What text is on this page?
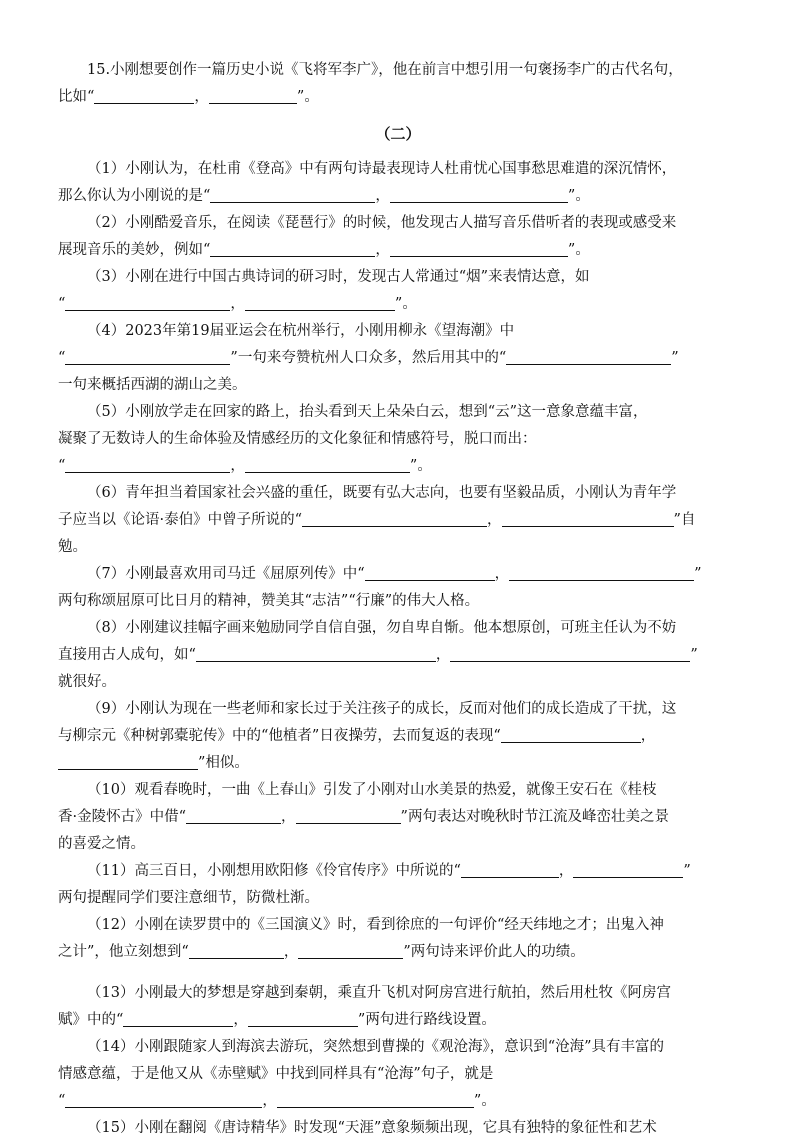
15.小刚想要创作一篇历史小说《飞将军李广》，他在前言中想引用一句褒扬李广的古代名句，

比如“	，	”。

（二）

（1）小刚认为，在杜甫《登高》中有两句诗最表现诗人杜甫忧心国事愁思难遣的深沉情怀，

那么你认为小刚说的是“	，	”。

（2）小刚酷爱音乐，在阅读《琵琶行》的时候，他发现古人描写音乐借听者的表现或感受来

展现音乐的美妙，例如“	，	”。

（3）小刚在进行中国古典诗词的研习时，发现古人常通过“烟”来表情达意，如

“	，	”。

（4）2023年第19届亚运会在杭州举行，小刚用柳永《望海潮》中

“	”一句来夸赞杭州人口众多，然后用其中的“	”

一句来概括西湖的湖山之美。

（5）小刚放学走在回家的路上，抬头看到天上朵朵白云，想到“云”这一意象意蕴丰富，

凝聚了无数诗人的生命体验及情感经历的文化象征和情感符号，脱口而出：

“	，	”。

（6）青年担当着国家社会兴盛的重任，既要有弘大志向，也要有坚毅品质，小刚认为青年学

子应当以《论语·泰伯》中曾子所说的“	，	”自

勉。

（7）小刚最喜欢用司马迁《屈原列传》中“	，	”

两句称颂屈原可比日月的精神，赞美其“志洁”“行廉”的伟大人格。

（8）小刚建议挂幅字画来勉励同学自信自强，勿自卑自惭。他本想原创，可班主任认为不妨

直接用古人成句，如“	，	”

就很好。

（9）小刚认为现在一些老师和家长过于关注孩子的成长，反而对他们的成长造成了干扰，这

与柳宗元《种树郭橐驼传》中的“他植者”日夜操劳，去而复返的表现“	，

”相似。

（10）观看春晚时，一曲《上春山》引发了小刚对山水美景的热爱，就像王安石在《桂枝

香·金陵怀古》中借“	，	”两句表达对晚秋时节江流及峰峦壮美之景

的喜爱之情。

（11）高三百日，小刚想用欧阳修《伶官传序》中所说的“	，	”

两句提醒同学们要注意细节，防微杜渐。

（12）小刚在读罗贯中的《三国演义》时，看到徐庶的一句评价“经天纬地之才；出鬼入神

之计”，他立刻想到“	，	”两句诗来评价此人的功绩。

（13）小刚最大的梦想是穿越到秦朝，乘直升飞机对阿房宫进行航拍，然后用杜牧《阿房宫

赋》中的“	，	”两句进行路线设置。

（14）小刚跟随家人到海滨去游玩，突然想到曹操的《观沧海》，意识到“沧海”具有丰富的

情感意蕴，于是他又从《赤壁赋》中找到同样具有“沧海”句子，就是

“	，	”。

（15）小刚在翻阅《唐诗精华》时发现“天涯”意象频频出现，它具有独特的象征性和艺术
